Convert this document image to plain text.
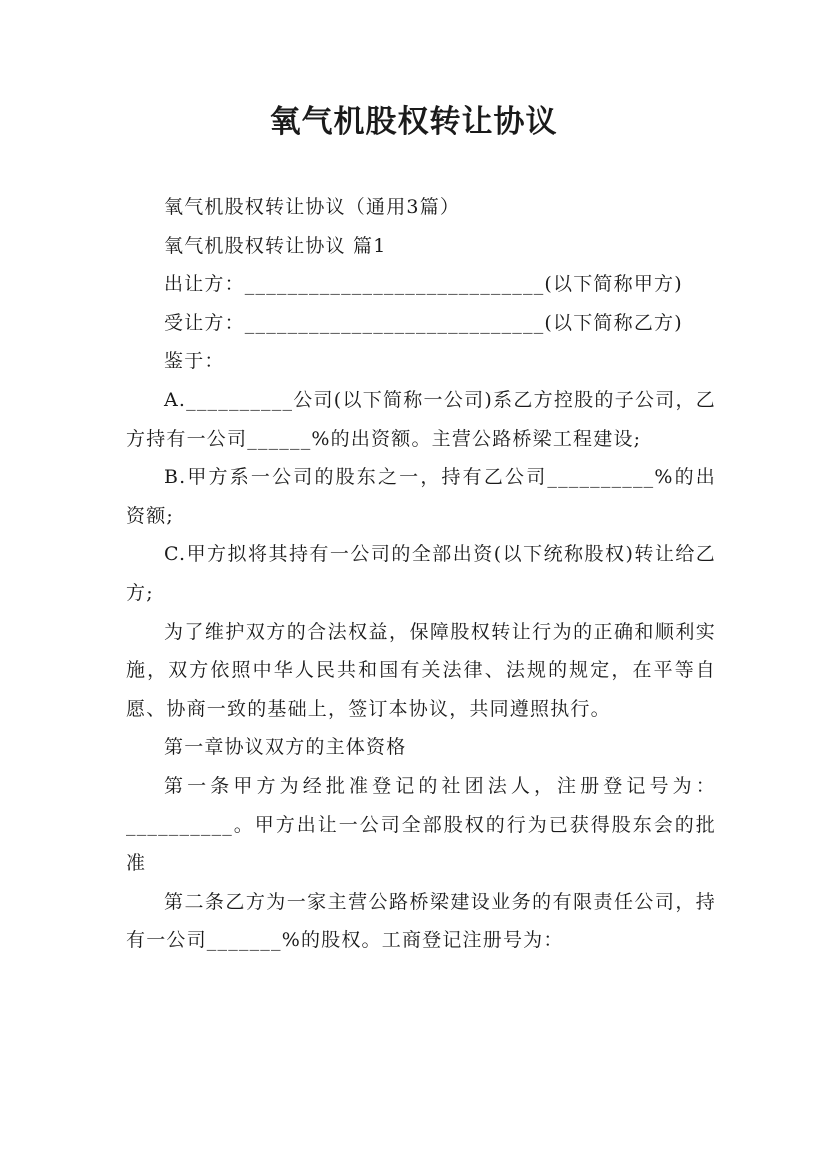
氧气机股权转让协议

氧气机股权转让协议（通用3篇）

氧气机股权转让协议 篇1

出让方：____________________________(以下简称甲方)

受让方：____________________________(以下简称乙方)

鉴于：

A.__________公司(以下简称一公司)系乙方控股的子公司，乙方持有一公司______%的出资额。主营公路桥梁工程建设;

B.甲方系一公司的股东之一，持有乙公司__________%的出资额;

C.甲方拟将其持有一公司的全部出资(以下统称股权)转让给乙方;

为了维护双方的合法权益，保障股权转让行为的正确和顺利实施，双方依照中华人民共和国有关法律、法规的规定，在平等自愿、协商一致的基础上，签订本协议，共同遵照执行。

第一章协议双方的主体资格

第一条甲方为经批准登记的社团法人，注册登记号为：__________。甲方出让一公司全部股权的行为已获得股东会的批准

第二条乙方为一家主营公路桥梁建设业务的有限责任公司，持有一公司_______%的股权。工商登记注册号为：
